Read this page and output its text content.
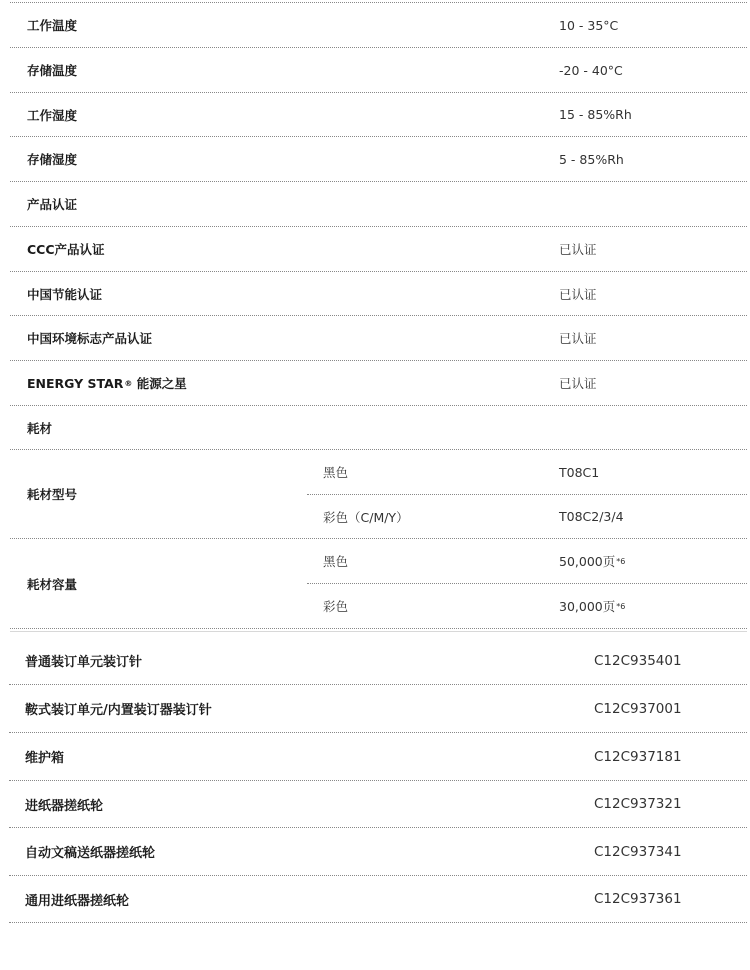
工作温度	10 - 35°C
存储温度	-20 - 40°C
工作湿度	15 - 85%Rh
存储湿度	5 - 85%Rh
产品认证
CCC产品认证	已认证
中国节能认证	已认证
中国环境标志产品认证	已认证
ENERGY STAR ® 能源之星	已认证
耗材
耗材型号
黑色	T08C1
彩色（C/M/Y）	T08C2/3/4
耗材容量
黑色	50,000页 *6
彩色	30,000页 *6
普通装订单元装订针	C12C935401
鞍式装订单元/内置装订器装订针	C12C937001
维护箱	C12C937181
进纸器搓纸轮	C12C937321
自动文稿送纸器搓纸轮	C12C937341
通用进纸器搓纸轮	C12C937361
